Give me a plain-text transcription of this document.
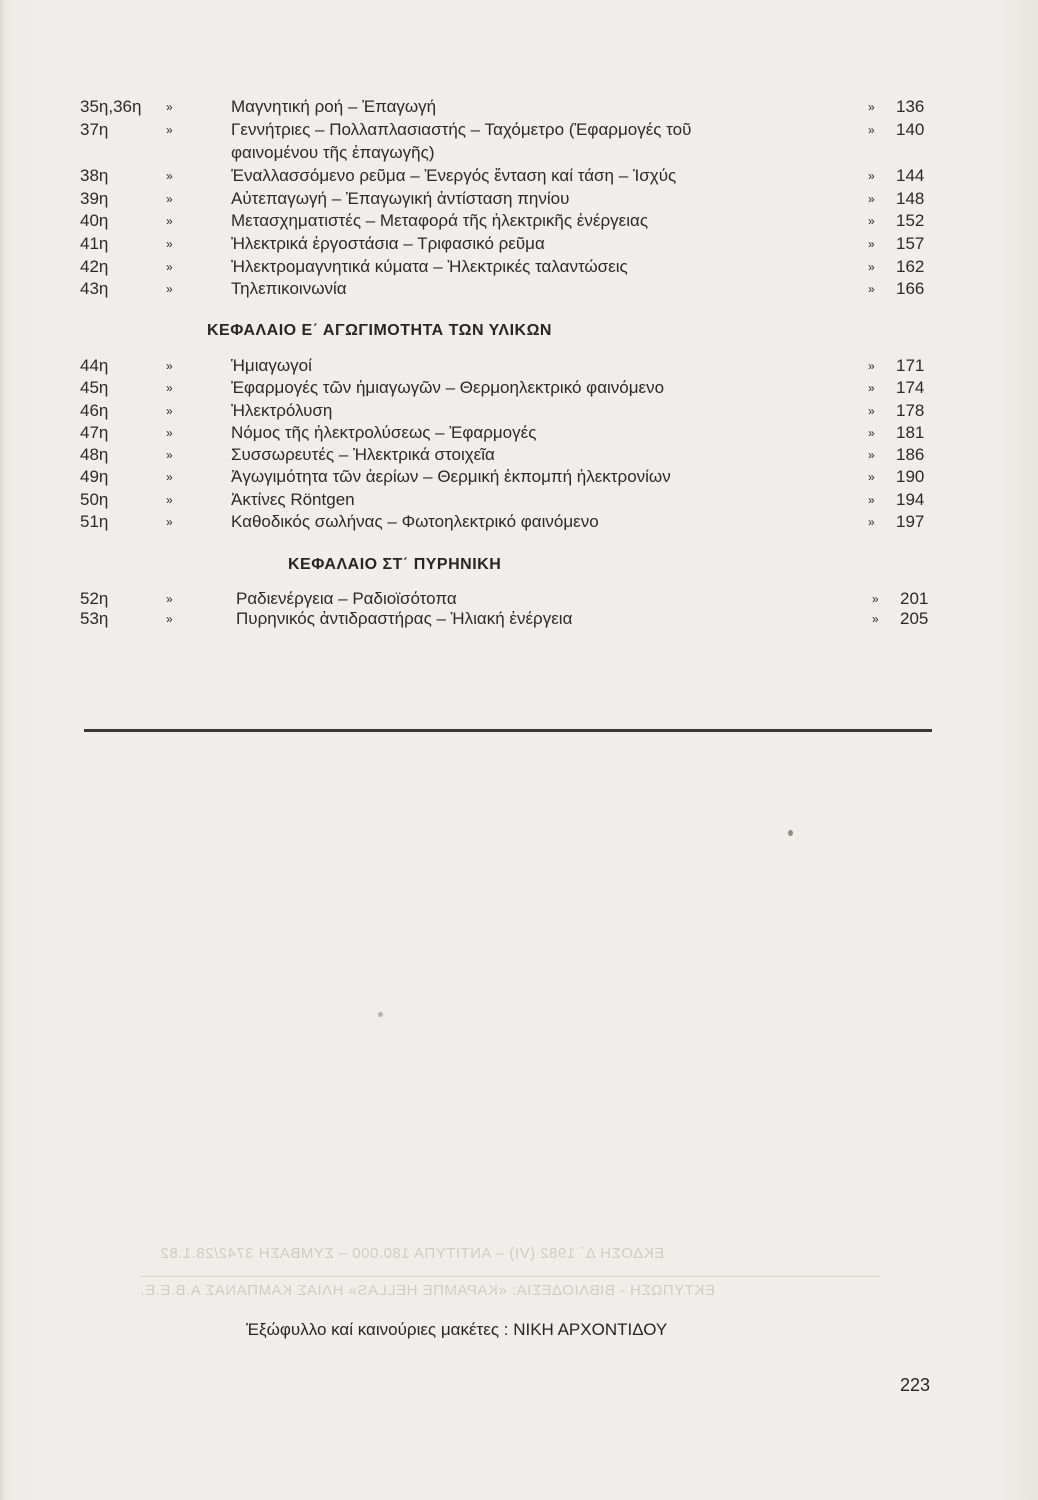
35η,36η »	Μαγνητική ροή – Ἐπαγωγή	» 136
37η	»	Γεννήτριες – Πολλαπλασιαστής – Ταχόμετρο (Ἐφαρμογές τοῦ	» 140
φαινομένου τῆς ἐπαγωγῆς)
38η	»	Ἐναλλασσόμενο ρεῦμα – Ἐνεργός ἔνταση καί τάση – Ἰσχύς	» 144
39η	»	Αὐτεπαγωγή – Ἐπαγωγική ἀντίσταση πηνίου	» 148
40η	»	Μετασχηματιστές – Μεταφορά τῆς ἠλεκτρικῆς ἐνέργειας	» 152
41η	»	Ἠλεκτρικά ἐργοστάσια – Τριφασικό ρεῦμα	» 157
42η	»	Ἠλεκτρομαγνητικά κύματα – Ἠλεκτρικές ταλαντώσεις	» 162
43η	»	Τηλεπικοινωνία	» 166
ΚΕΦΑΛΑΙΟ Ε΄ ΑΓΩΓΙΜΟΤΗΤΑ ΤΩΝ ΥΛΙΚΩΝ
44η	»	Ἡμιαγωγοί	» 171
45η	»	Ἐφαρμογές τῶν ἡμιαγωγῶν – Θερμοηλεκτρικό φαινόμενο	» 174
46η	»	Ἠλεκτρόλυση	» 178
47η	»	Νόμος τῆς ἠλεκτρολύσεως – Ἐφαρμογές	» 181
48η	»	Συσσωρευτές – Ἠλεκτρικά στοιχεῖα	» 186
49η	»	Ἀγωγιμότητα τῶν ἀερίων – Θερμική ἐκπομπή ἠλεκτρονίων	» 190
50η	»	Ἀκτίνες Röntgen	» 194
51η	»	Καθοδικός σωλήνας – Φωτοηλεκτρικό φαινόμενο	» 197
ΚΕΦΑΛΑΙΟ ΣΤ΄ ΠΥΡΗΝΙΚΗ
52η	»	Ραδιενέργεια – Ραδιοϊσότοπα	» 201
53η	»	Πυρηνικός ἀντιδραστήρας – Ἡλιακή ἐνέργεια	» 205
ΕΚΔΟΣΗ Δ΄ 1982 (VI) – ΑΝΤΙΤΥΠΑ 180.000 – ΣΥΜΒΑΣΗ 3742/28.1.82
ΕΚΤΥΠΩΣΗ - ΒΙΒΛΙΟΔΕΣΙΑ: «ΚΑΡΑΜΠΕ HELLAS» ΗΛΙΑΣ ΚΑΜΠΑΝΑΣ Α.Β.Ε.Ε.
Ἐξώφυλλο καί καινούριες μακέτες : ΝΙΚΗ ΑΡΧΟΝΤΙΔΟΥ
223
